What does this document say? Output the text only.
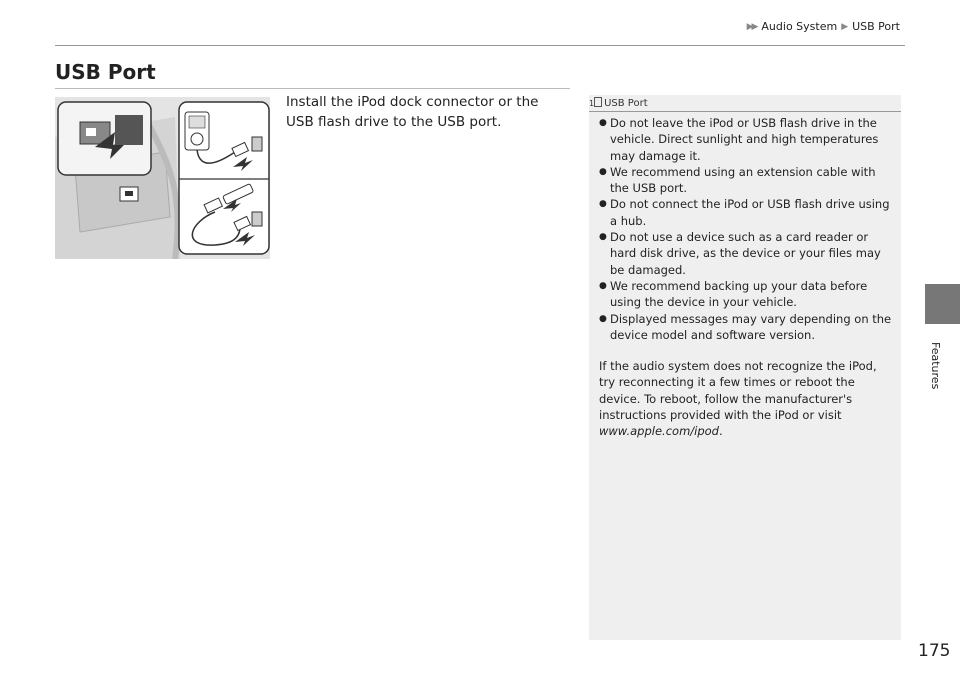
▶▶ Audio System ▶ USB Port
USB Port

Install the iPod dock connector or the USB flash drive to the USB port.

1 USB Port
● Do not leave the iPod or USB flash drive in the vehicle. Direct sunlight and high temperatures may damage it.
● We recommend using an extension cable with the USB port.
● Do not connect the iPod or USB flash drive using a hub.
● Do not use a device such as a card reader or hard disk drive, as the device or your files may be damaged.
● We recommend backing up your data before using the device in your vehicle.
● Displayed messages may vary depending on the device model and software version.

If the audio system does not recognize the iPod, try reconnecting it a few times or reboot the device. To reboot, follow the manufacturer's instructions provided with the iPod or visit www.apple.com/ipod.

Features
175
